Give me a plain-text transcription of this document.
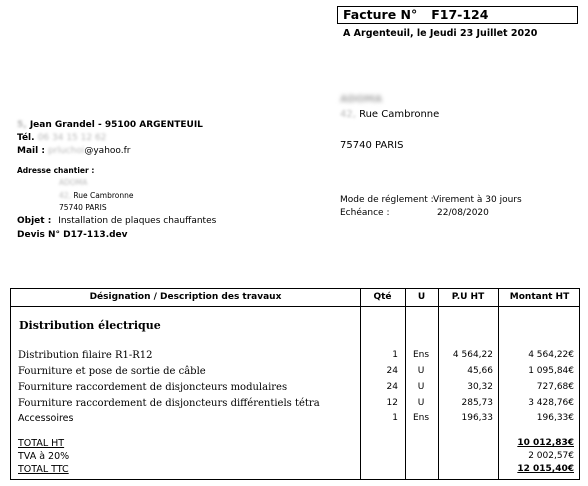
Facture N° F17-124
A Argenteuil, le Jeudi 23 Juillet 2020
ADOMA
42, Rue Cambronne
75740 PARIS
5, Jean Grandel - 95100 ARGENTEUIL
Tél. 06 34 15 12 62
Mail : prluchoi@yahoo.fr
Adresse chantier :
ADOMA
42, Rue Cambronne
75740 PARIS
Objet : Installation de plaques chauffantes
Devis N° D17-113.dev
Mode de réglement : Virement à 30 jours
Echéance :	22/08/2020
Désignation / Description des travaux	Qté	U	P.U HT	Montant HT
Distribution électrique
Distribution filaire R1-R12	1	Ens	4 564,22	4 564,22€
Fourniture et pose de sortie de câble	24	U	45,66	1 095,84€
Fourniture raccordement de disjoncteurs modulaires	24	U	30,32	727,68€
Fourniture raccordement de disjoncteurs différentiels tétra	12	U	285,73	3 428,76€
Accessoires	1	Ens	196,33	196,33€
TOTAL HT	10 012,83€
TVA à 20%	2 002,57€
TOTAL TTC	12 015,40€
